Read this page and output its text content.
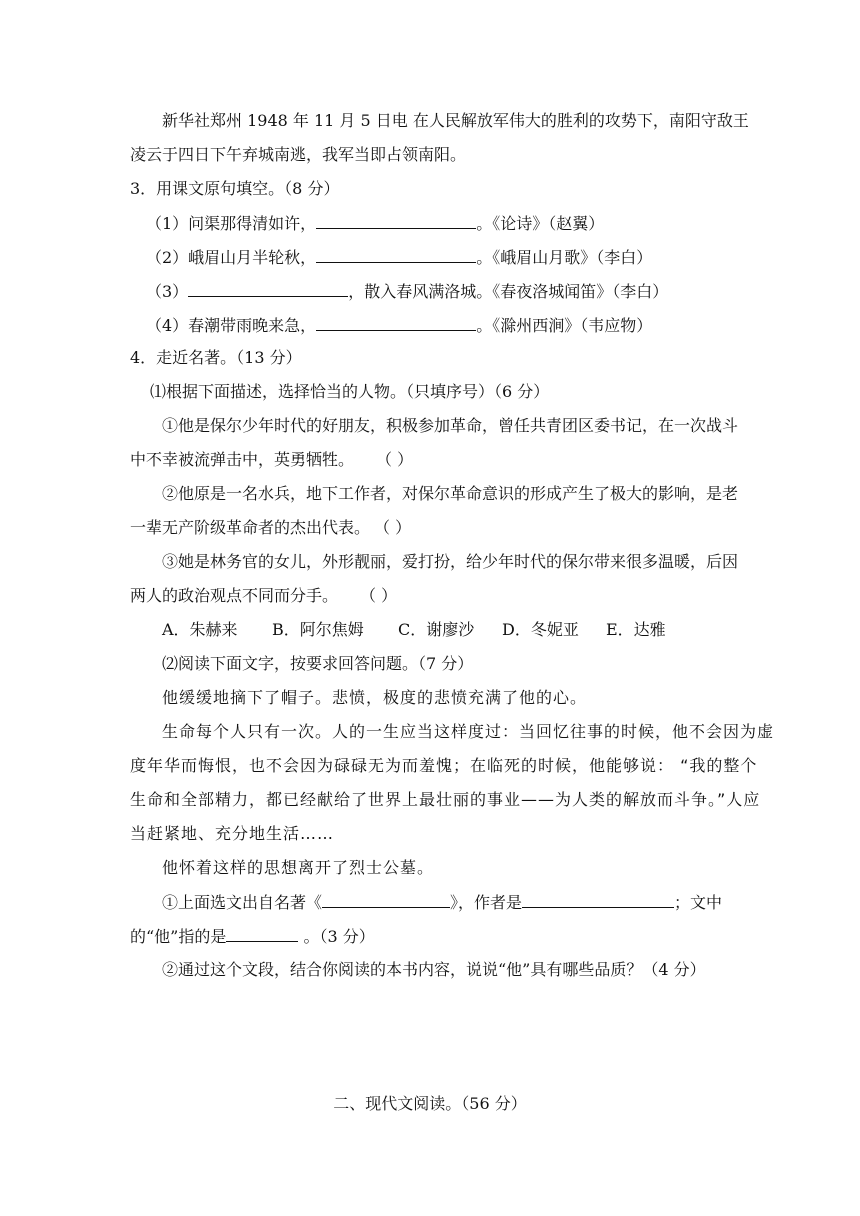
新华社郑州 1948 年 11 月 5 日电 在人民解放军伟大的胜利的攻势下，南阳守敌王
凌云于四日下午弃城南逃，我军当即占领南阳。
3．用课文原句填空。（8 分）
（1）问渠那得清如许，	。《论诗》（赵翼）
（2）峨眉山月半轮秋，	。《峨眉山月歌》（李白）
（3）	，散入春风满洛城。《春夜洛城闻笛》（李白）
（4）春潮带雨晚来急，	。《滁州西涧》（韦应物）
4．走近名著。（13 分）
⑴根据下面描述，选择恰当的人物。（只填序号）（6 分）
①他是保尔少年时代的好朋友，积极参加革命，曾任共青团区委书记，在一次战斗
中不幸被流弹击中，英勇牺牲。 （ ）
②他原是一名水兵，地下工作者，对保尔革命意识的形成产生了极大的影响，是老
一辈无产阶级革命者的杰出代表。 （ ）
③她是林务官的女儿，外形靓丽，爱打扮，给少年时代的保尔带来很多温暖，后因
两人的政治观点不同而分手。 （ ）
A．朱赫来 B．阿尔焦姆 C．谢廖沙 D．冬妮亚 E．达雅
⑵阅读下面文字，按要求回答问题。（7 分）
他缓缓地摘下了帽子。悲愤，极度的悲愤充满了他的心。
生命每个人只有一次。人的一生应当这样度过：当回忆往事的时候，他不会因为虚
度年华而悔恨，也不会因为碌碌无为而羞愧；在临死的时候，他能够说： “我的整个
生命和全部精力，都已经献给了世界上最壮丽的事业——为人类的解放而斗争。”人应
当赶紧地、充分地生活……
他怀着这样的思想离开了烈士公墓。
①上面选文出自名著《	》，作者是	；文中
的“他”指的是	。（3 分）
②通过这个文段，结合你阅读的本书内容，说说“他”具有哪些品质？（4 分）
二、现代文阅读。（56 分）
